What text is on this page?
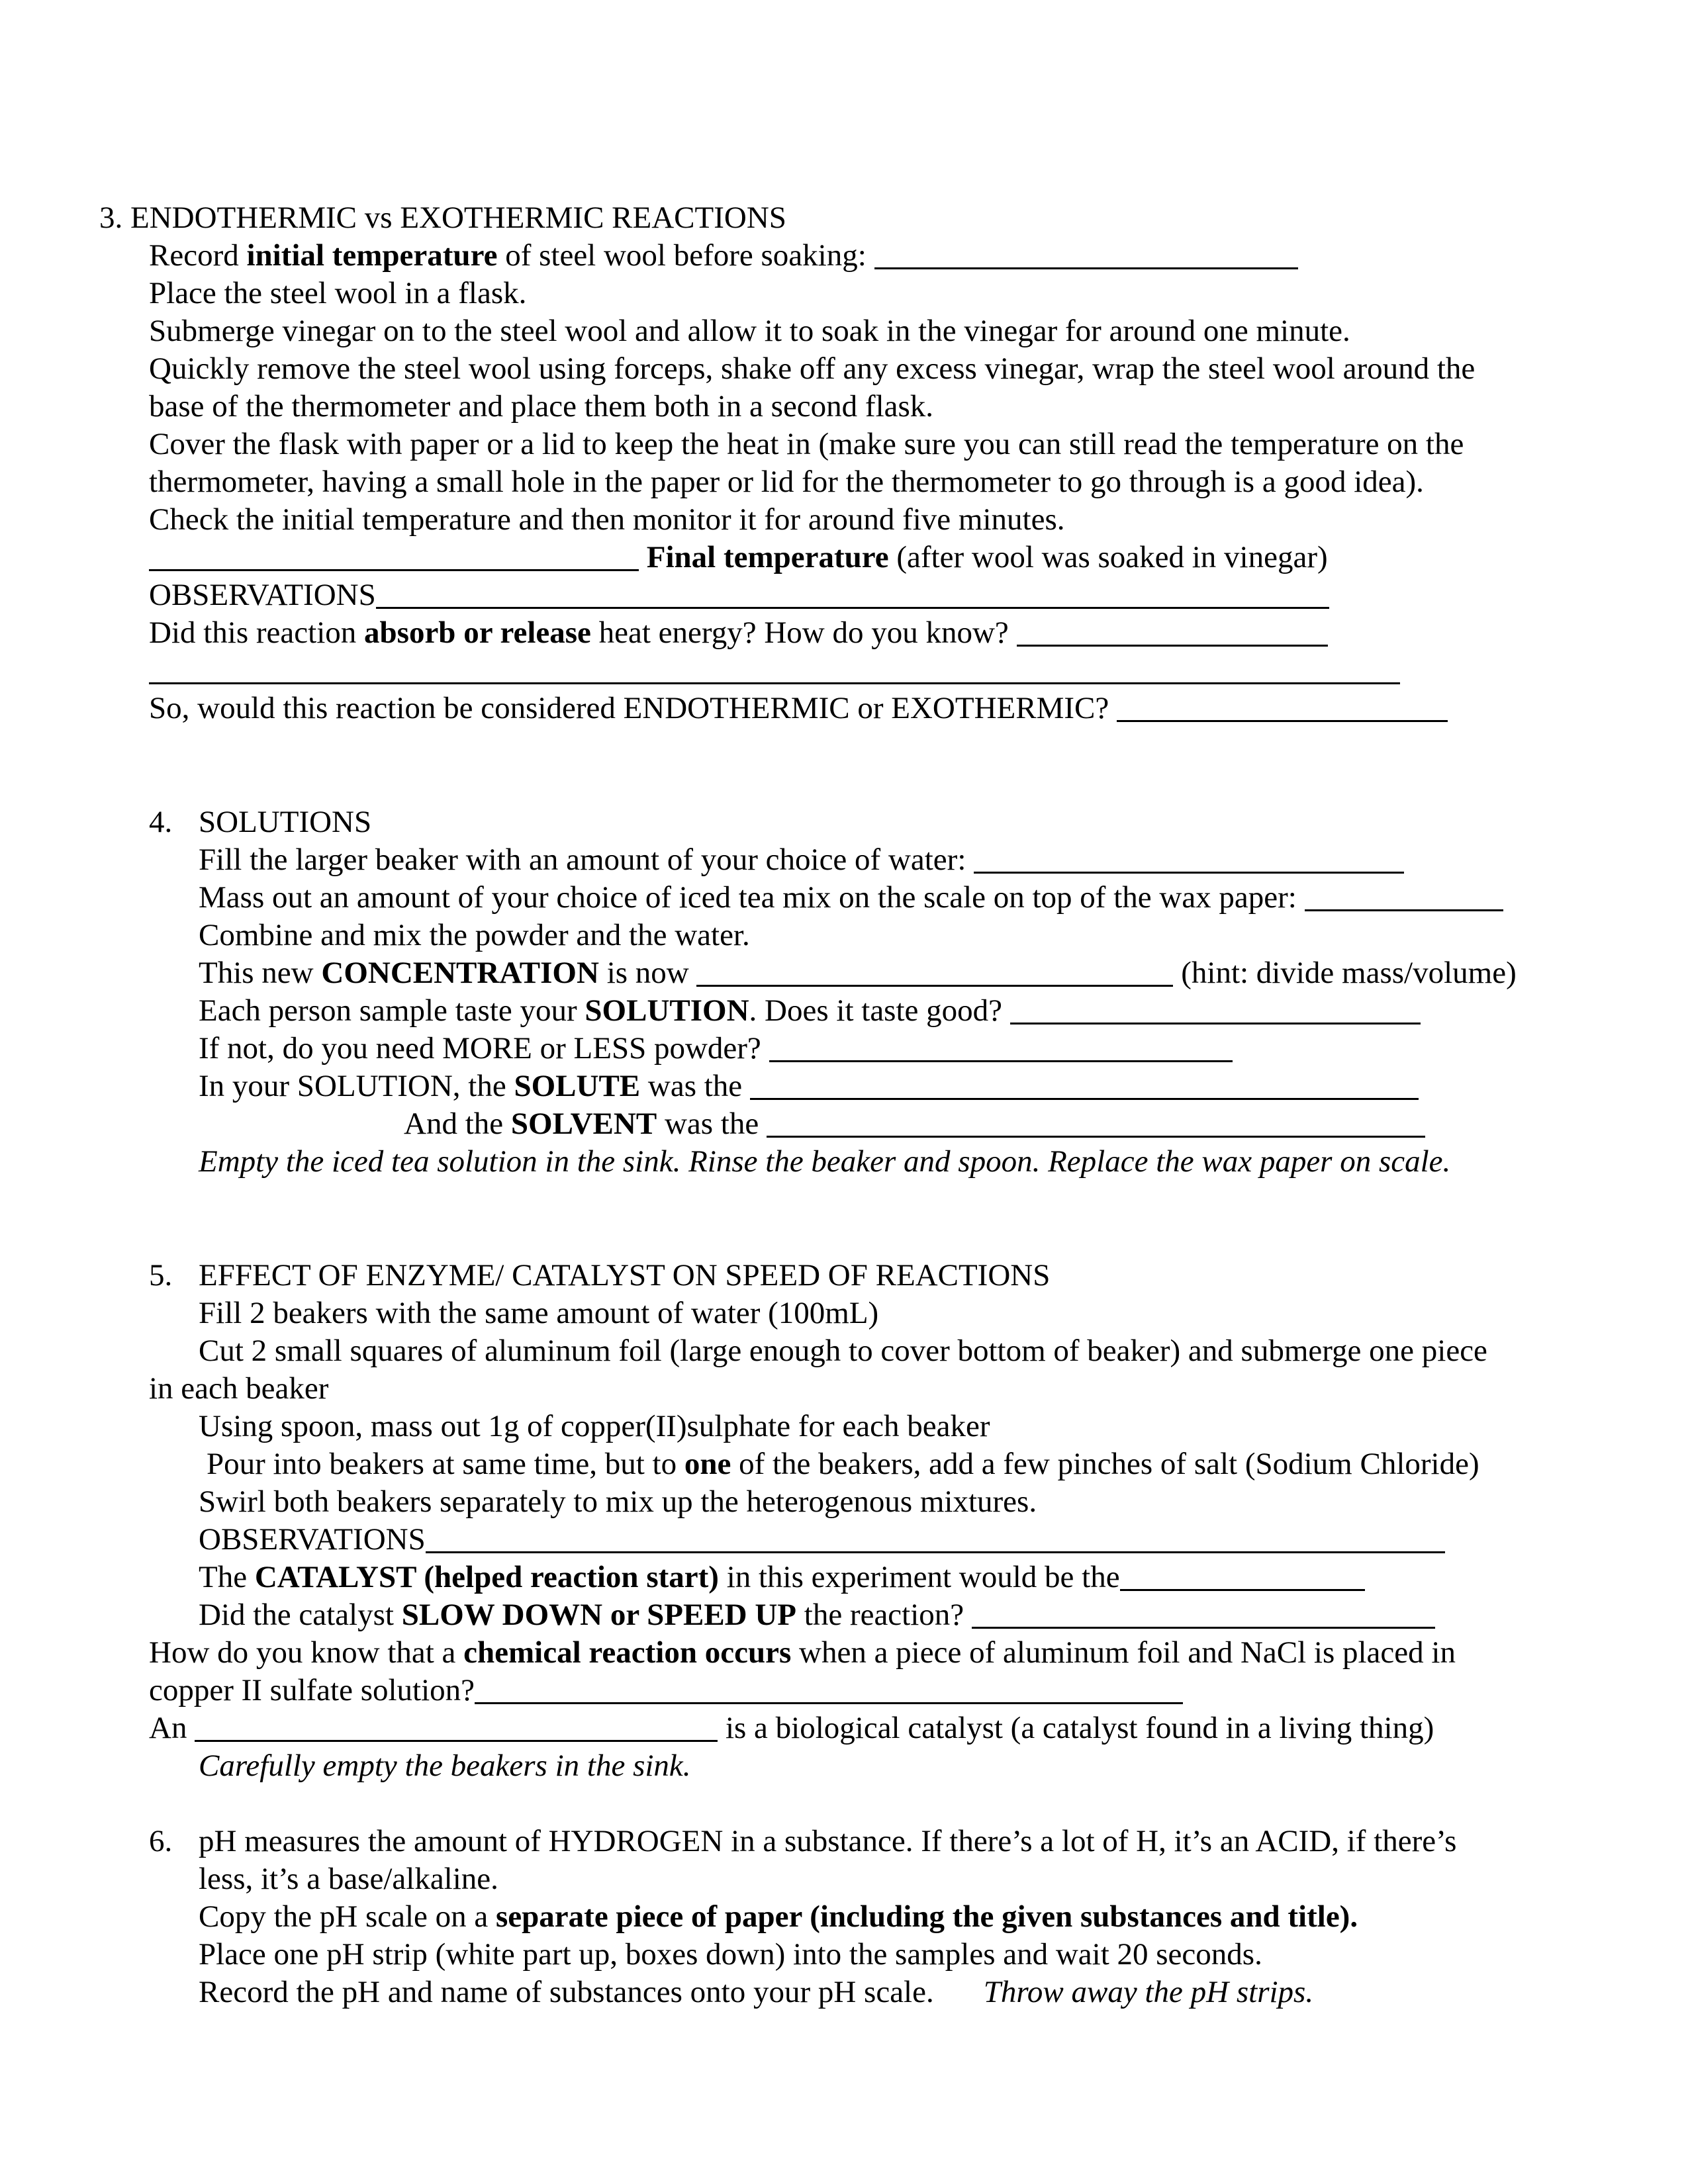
3. ENDOTHERMIC vs EXOTHERMIC REACTIONS
Record initial temperature of steel wool before soaking:
Place the steel wool in a flask.
Submerge vinegar on to the steel wool and allow it to soak in the vinegar for around one minute.
Quickly remove the steel wool using forceps, shake off any excess vinegar, wrap the steel wool around the
base of the thermometer and place them both in a second flask.
Cover the flask with paper or a lid to keep the heat in (make sure you can still read the temperature on the
thermometer, having a small hole in the paper or lid for the thermometer to go through is a good idea).
Check the initial temperature and then monitor it for around five minutes.
Final temperature (after wool was soaked in vinegar)
OBSERVATIONS
Did this reaction absorb or release heat energy? How do you know?
So, would this reaction be considered ENDOTHERMIC or EXOTHERMIC?
4. SOLUTIONS
Fill the larger beaker with an amount of your choice of water:
Mass out an amount of your choice of iced tea mix on the scale on top of the wax paper:
Combine and mix the powder and the water.
This new CONCENTRATION is now	(hint: divide mass/volume)
Each person sample taste your SOLUTION. Does it taste good?
If not, do you need MORE or LESS powder?
In your SOLUTION, the SOLUTE was the
And the SOLVENT was the
Empty the iced tea solution in the sink. Rinse the beaker and spoon. Replace the wax paper on scale.
5. EFFECT OF ENZYME/ CATALYST ON SPEED OF REACTIONS
Fill 2 beakers with the same amount of water (100mL)
Cut 2 small squares of aluminum foil (large enough to cover bottom of beaker) and submerge one piece
in each beaker
Using spoon, mass out 1g of copper(II)sulphate for each beaker
Pour into beakers at same time, but to one of the beakers, add a few pinches of salt (Sodium Chloride)
Swirl both beakers separately to mix up the heterogenous mixtures.
OBSERVATIONS
The CATALYST (helped reaction start) in this experiment would be the
Did the catalyst SLOW DOWN or SPEED UP the reaction?
How do you know that a chemical reaction occurs when a piece of aluminum foil and NaCl is placed in
copper II sulfate solution?
An	is a biological catalyst (a catalyst found in a living thing)
Carefully empty the beakers in the sink.
6. pH measures the amount of HYDROGEN in a substance. If there’s a lot of H, it’s an ACID, if there’s
less, it’s a base/alkaline.
Copy the pH scale on a separate piece of paper (including the given substances and title).
Place one pH strip (white part up, boxes down) into the samples and wait 20 seconds.
Record the pH and name of substances onto your pH scale. Throw away the pH strips.
